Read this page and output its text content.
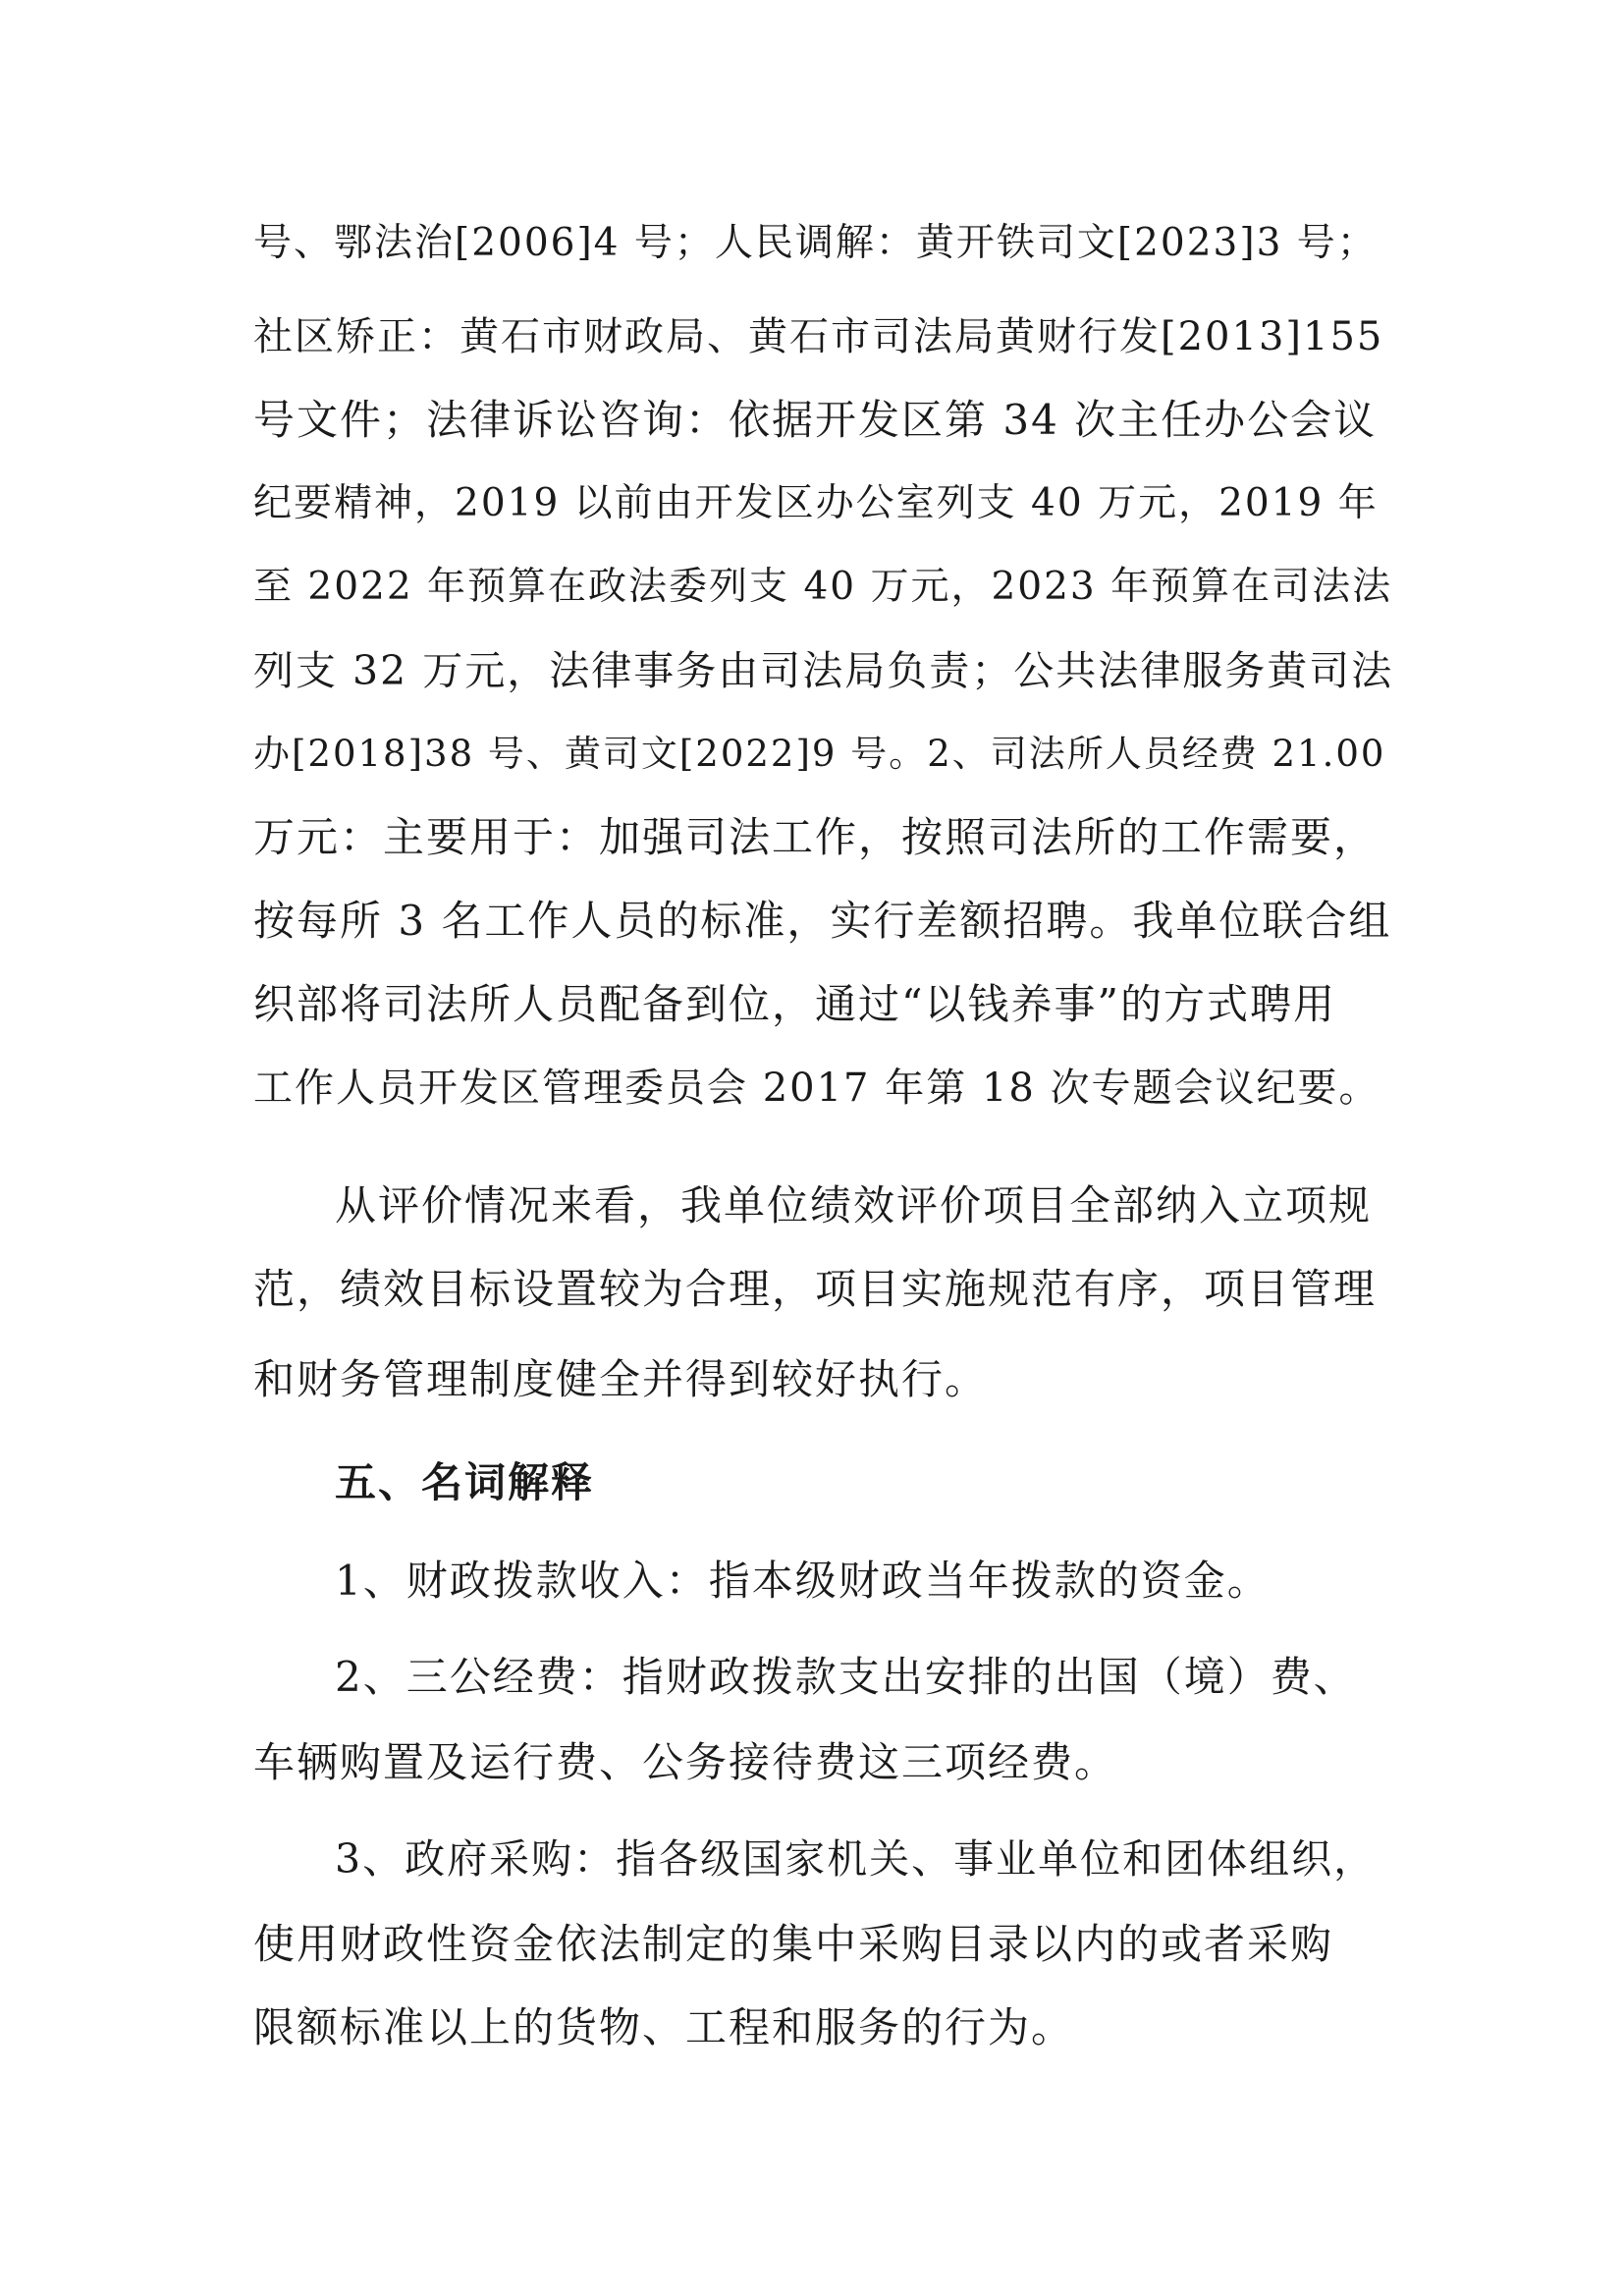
号、鄂法治[2006]4 号；人民调解：黄开铁司文[2023]3 号；
社区矫正：黄石市财政局、黄石市司法局黄财行发[2013]155
号文件；法律诉讼咨询：依据开发区第 34 次主任办公会议
纪要精神，2019 以前由开发区办公室列支 40 万元，2019 年
至 2022 年预算在政法委列支 40 万元，2023 年预算在司法法
列支 32 万元，法律事务由司法局负责；公共法律服务黄司法
办[2018]38 号、黄司文[2022]9 号。2、司法所人员经费 21.00
万元：主要用于：加强司法工作，按照司法所的工作需要，
按每所 3 名工作人员的标准，实行差额招聘。我单位联合组
织部将司法所人员配备到位，通过“以钱养事”的方式聘用
工作人员开发区管理委员会 2017 年第 18 次专题会议纪要。
从评价情况来看，我单位绩效评价项目全部纳入立项规
范，绩效目标设置较为合理，项目实施规范有序，项目管理
和财务管理制度健全并得到较好执行。
五、名词解释
1、财政拨款收入：指本级财政当年拨款的资金。
2、三公经费：指财政拨款支出安排的出国（境）费、
车辆购置及运行费、公务接待费这三项经费。
3、政府采购：指各级国家机关、事业单位和团体组织，
使用财政性资金依法制定的集中采购目录以内的或者采购
限额标准以上的货物、工程和服务的行为。
